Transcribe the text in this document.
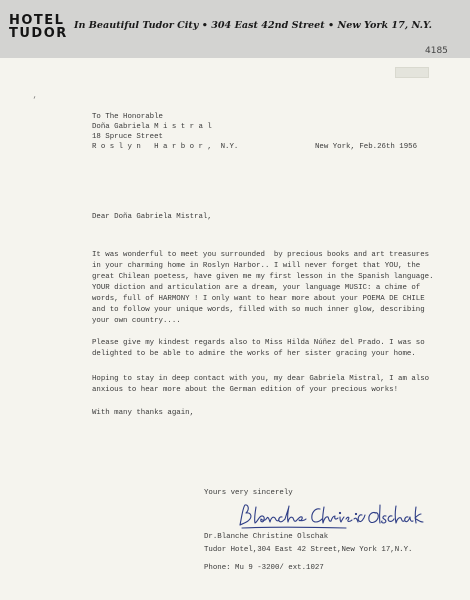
HOTEL
TUDOR
In Beautiful Tudor City • 304 East 42nd Street • New York 17, N.Y.
4185
‘
To The Honorable
Doña Gabriela M i s t r a l
18 Spruce Street
R o s l y n   H a r b o r ,  N.Y.	New York, Feb.26th 1956
Dear Doña Gabriela Mistral,
It was wonderful to meet you surrounded  by precious books and art treasures
in your charming home in Roslyn Harbor.. I will never forget that YOU, the
great Chilean poetess, have given me my first lesson in the Spanish language.
YOUR diction and articulation are a dream, your language MUSIC: a chime of
words, full of HARMONY ! I only want to hear more about your POEMA DE CHILE
and to follow your unique words, filled with so much inner glow, describing
your own country....
Please give my kindest regards also to Miss Hilda Núñez del Prado. I was so
delighted to be able to admire the works of her sister gracing your home.
Hoping to stay in deep contact with you, my dear Gabriela Mistral, I am also
anxious to hear more about the German edition of your precious works!
With many thanks again,
Yours very sincerely
Blanche Christine Olschak
Dr.Blanche Christine Olschak
Tudor Hotel,304 East 42 Street,New York 17,N.Y.
Phone: Mu 9 -3200/ ext.1027
